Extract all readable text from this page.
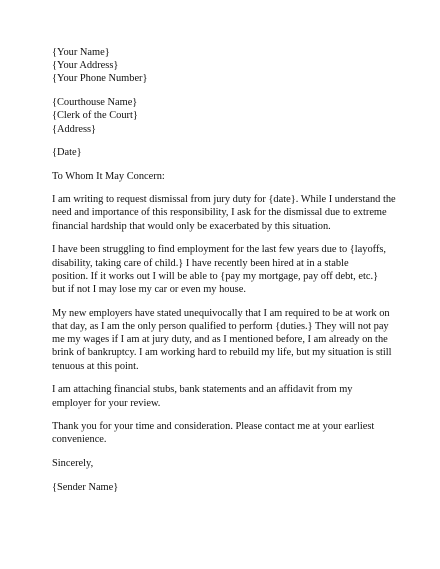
{Your Name}
{Your Address}
{Your Phone Number}
{Courthouse Name}
{Clerk of the Court}
{Address}
{Date}
To Whom It May Concern:
I am writing to request dismissal from jury duty for {date}. While I understand the
need and importance of this responsibility, I ask for the dismissal due to extreme
financial hardship that would only be exacerbated by this situation.
I have been struggling to find employment for the last few years due to {layoffs,
disability, taking care of child.} I have recently been hired at in a stable
position. If it works out I will be able to {pay my mortgage, pay off debt, etc.}
but if not I may lose my car or even my house.
My new employers have stated unequivocally that I am required to be at work on
that day, as I am the only person qualified to perform {duties.} They will not pay
me my wages if I am at jury duty, and as I mentioned before, I am already on the
brink of bankruptcy. I am working hard to rebuild my life, but my situation is still
tenuous at this point.
I am attaching financial stubs, bank statements and an affidavit from my
employer for your review.
Thank you for your time and consideration. Please contact me at your earliest
convenience.
Sincerely,
{Sender Name}
